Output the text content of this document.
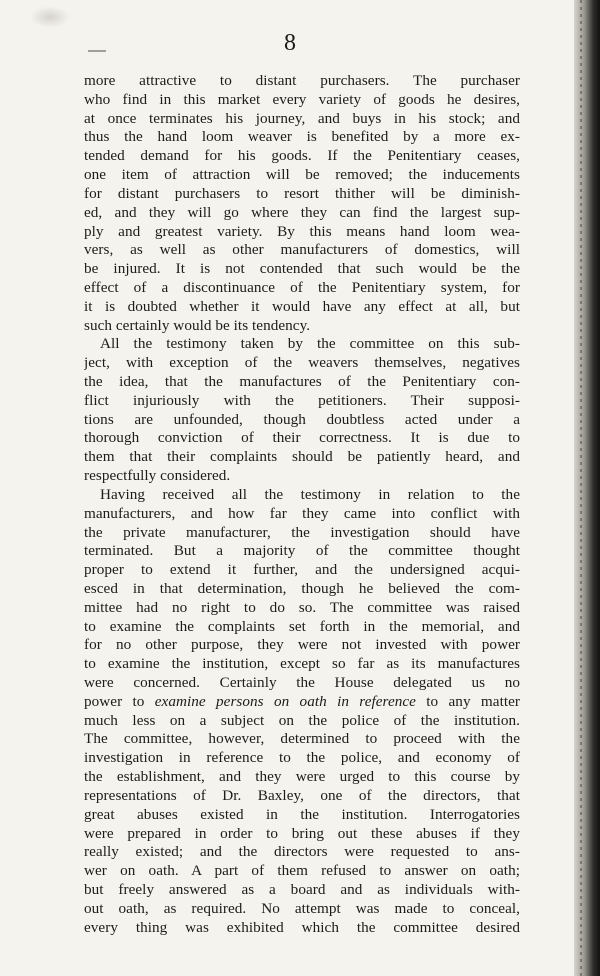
8
more attractive to distant purchasers. The purchaser
who find in this market every variety of goods he desires,
at once terminates his journey, and buys in his stock; and
thus the hand loom weaver is benefited by a more ex-
tended demand for his goods. If the Penitentiary ceases,
one item of attraction will be removed; the inducements
for distant purchasers to resort thither will be diminish-
ed, and they will go where they can find the largest sup-
ply and greatest variety. By this means hand loom wea-
vers, as well as other manufacturers of domestics, will
be injured. It is not contended that such would be the
effect of a discontinuance of the Penitentiary system, for
it is doubted whether it would have any effect at all, but
such certainly would be its tendency.
All the testimony taken by the committee on this sub-
ject, with exception of the weavers themselves, negatives
the idea, that the manufactures of the Penitentiary con-
flict injuriously with the petitioners. Their supposi-
tions are unfounded, though doubtless acted under a
thorough conviction of their correctness. It is due to
them that their complaints should be patiently heard, and
respectfully considered.
Having received all the testimony in relation to the
manufacturers, and how far they came into conflict with
the private manufacturer, the investigation should have
terminated. But a majority of the committee thought
proper to extend it further, and the undersigned acqui-
esced in that determination, though he believed the com-
mittee had no right to do so. The committee was raised
to examine the complaints set forth in the memorial, and
for no other purpose, they were not invested with power
to examine the institution, except so far as its manufactures
were concerned. Certainly the House delegated us no
power to examine persons on oath in reference to any matter
much less on a subject on the police of the institution.
The committee, however, determined to proceed with the
investigation in reference to the police, and economy of
the establishment, and they were urged to this course by
representations of Dr. Baxley, one of the directors, that
great abuses existed in the institution. Interrogatories
were prepared in order to bring out these abuses if they
really existed; and the directors were requested to ans-
wer on oath. A part of them refused to answer on oath;
but freely answered as a board and as individuals with-
out oath, as required. No attempt was made to conceal,
every thing was exhibited which the committee desired
